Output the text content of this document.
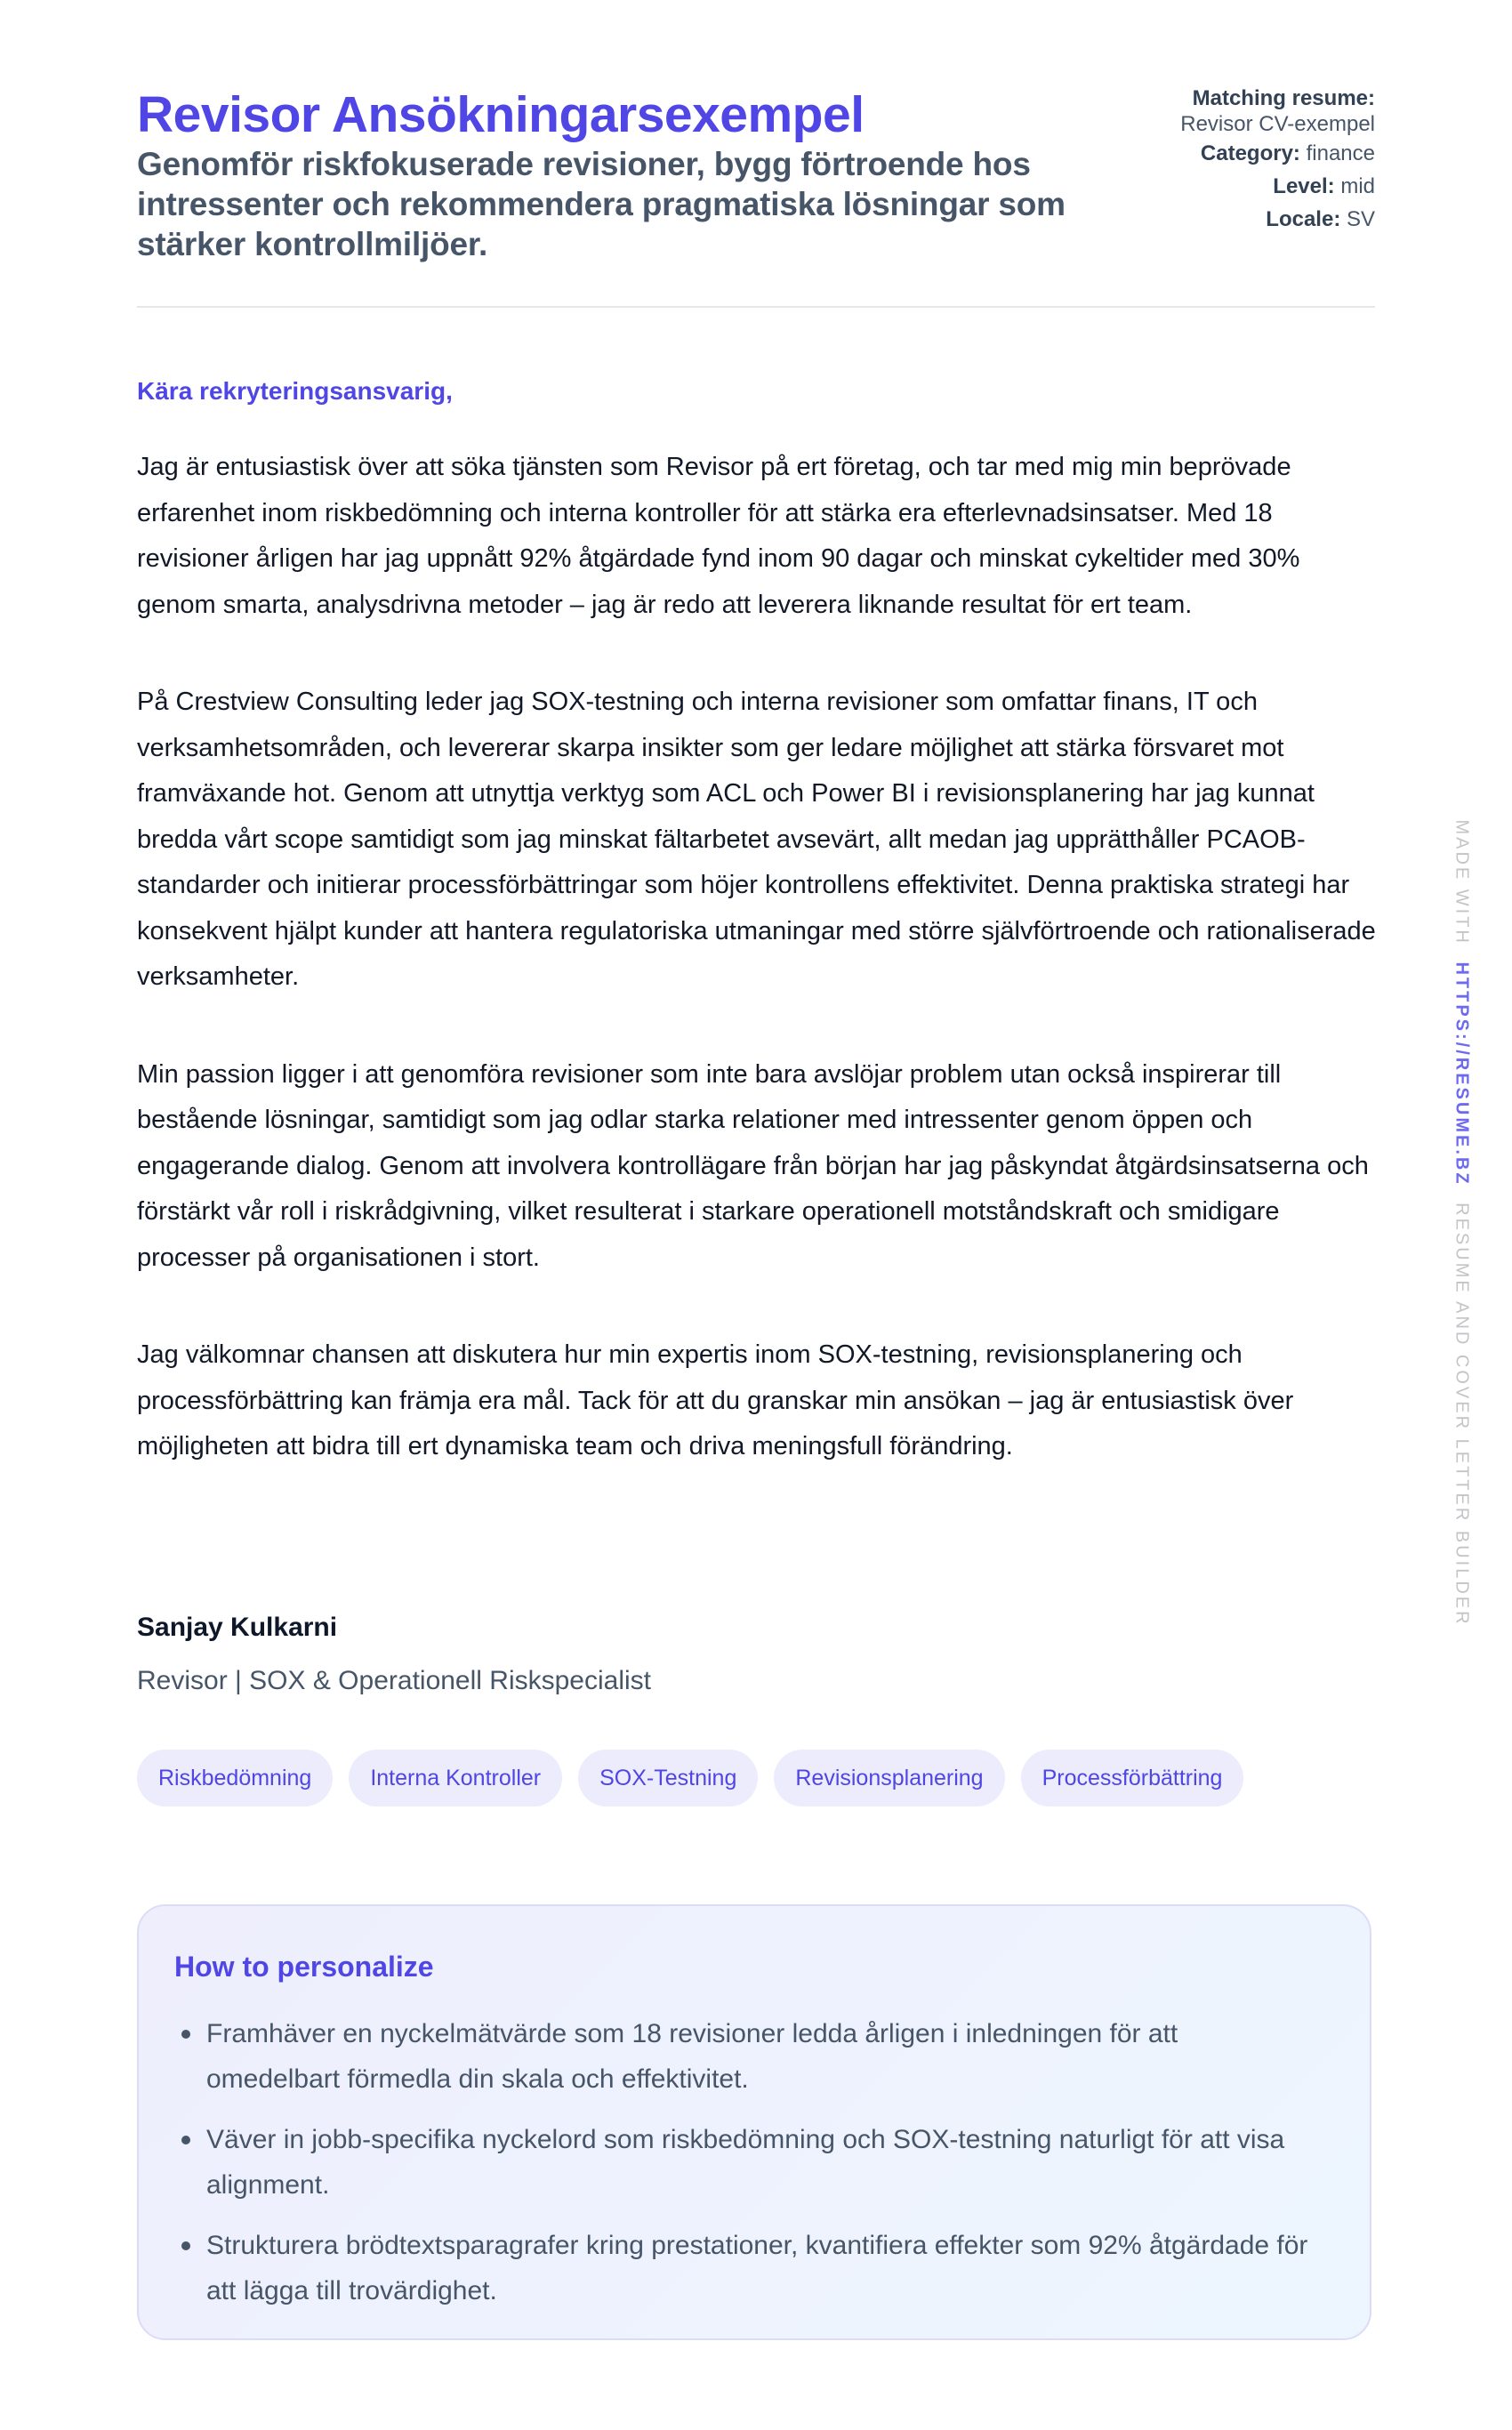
Revisor Ansökningarsexempel

Genomför riskfokuserade revisioner, bygg förtroende hos intressenter och rekommendera pragmatiska lösningar som stärker kontrollmiljöer.

Matching resume: Revisor CV-exempel
Category: finance
Level: mid
Locale: SV

Kära rekryteringsansvarig,

Jag är entusiastisk över att söka tjänsten som Revisor på ert företag, och tar med mig min beprövade erfarenhet inom riskbedömning och interna kontroller för att stärka era efterlevnadsinsatser. Med 18 revisioner årligen har jag uppnått 92% åtgärdade fynd inom 90 dagar och minskat cykeltider med 30% genom smarta, analysdrivna metoder – jag är redo att leverera liknande resultat för ert team.

På Crestview Consulting leder jag SOX-testning och interna revisioner som omfattar finans, IT och verksamhetsområden, och levererar skarpa insikter som ger ledare möjlighet att stärka försvaret mot framväxande hot. Genom att utnyttja verktyg som ACL och Power BI i revisionsplanering har jag kunnat bredda vårt scope samtidigt som jag minskat fältarbetet avsevärt, allt medan jag upprätthåller PCAOB-standarder och initierar processförbättringar som höjer kontrollens effektivitet. Denna praktiska strategi har konsekvent hjälpt kunder att hantera regulatoriska utmaningar med större självförtroende och rationaliserade verksamheter.

Min passion ligger i att genomföra revisioner som inte bara avslöjar problem utan också inspirerar till bestående lösningar, samtidigt som jag odlar starka relationer med intressenter genom öppen och engagerande dialog. Genom att involvera kontrollägare från början har jag påskyndat åtgärdsinsatserna och förstärkt vår roll i riskrådgivning, vilket resulterat i starkare operationell motståndskraft och smidigare processer på organisationen i stort.

Jag välkomnar chansen att diskutera hur min expertis inom SOX-testning, revisionsplanering och processförbättring kan främja era mål. Tack för att du granskar min ansökan – jag är entusiastisk över möjligheten att bidra till ert dynamiska team och driva meningsfull förändring.

Sanjay Kulkarni
Revisor | SOX & Operationell Riskspecialist
Riskbedömning	Interna Kontroller	SOX-Testning	Revisionsplanering	Processförbättring
How to personalize
Framhäver en nyckelmätvärde som 18 revisioner ledda årligen i inledningen för att omedelbart förmedla din skala och effektivitet.
Väver in jobb-specifika nyckelord som riskbedömning och SOX-testning naturligt för att visa alignment.
Strukturera brödtextsparagrafer kring prestationer, kvantifiera effekter som 92% åtgärdade för att lägga till trovärdighet.
MADE WITH HTTPS://RESUME.BZ RESUME AND COVER LETTER BUILDER
